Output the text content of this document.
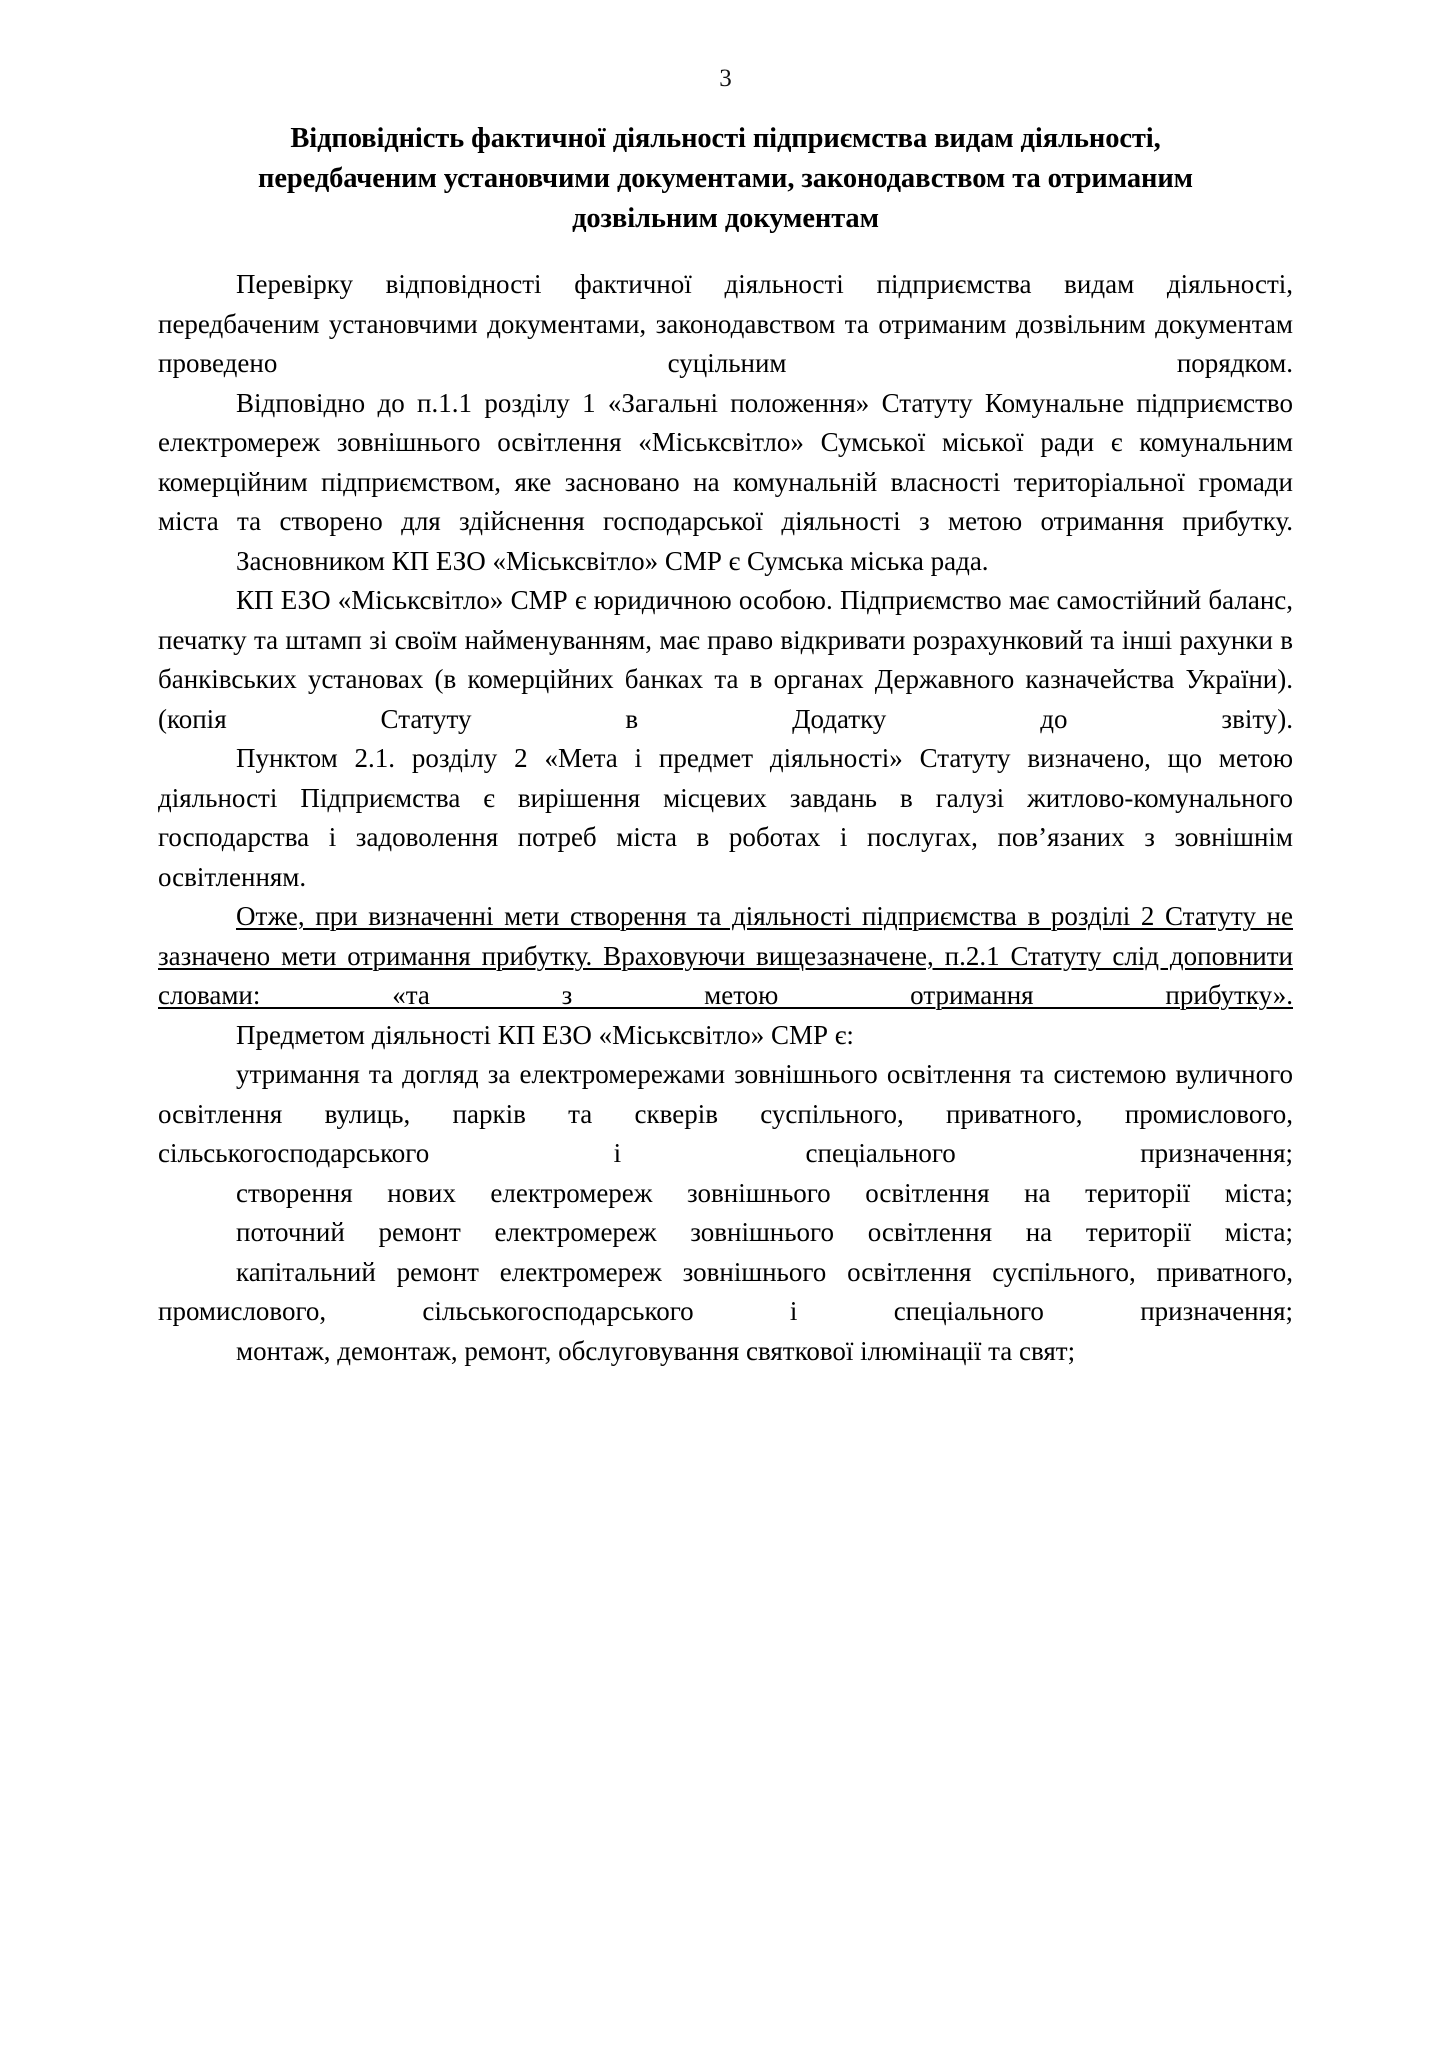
3
Відповідність фактичної діяльності підприємства видам діяльності,
передбаченим установчими документами, законодавством та отриманим
дозвільним документам

Перевірку відповідності фактичної діяльності підприємства видам діяльності, передбаченим установчими документами, законодавством та отриманим дозвільним документам проведено суцільним порядком.

Відповідно до п.1.1 розділу 1 «Загальні положення» Статуту Комунальне підприємство електромереж зовнішнього освітлення «Міськсвітло» Сумської міської ради є комунальним комерційним підприємством, яке засновано на комунальній власності територіальної громади міста та створено для здійснення господарської діяльності з метою отримання прибутку.

Засновником КП ЕЗО «Міськсвітло» СМР є Сумська міська рада.

КП ЕЗО «Міськсвітло» СМР є юридичною особою. Підприємство має самостійний баланс, печатку та штамп зі своїм найменуванням, має право відкривати розрахунковий та інші рахунки в банківських установах (в комерційних банках та в органах Державного казначейства України). (копія Статуту в Додатку до звіту).

Пунктом 2.1. розділу 2 «Мета і предмет діяльності» Статуту визначено, що метою діяльності Підприємства є вирішення місцевих завдань в галузі житлово-комунального господарства і задоволення потреб міста в роботах і послугах, пов’язаних з зовнішнім освітленням.

Отже, при визначенні мети створення та діяльності підприємства в розділі 2 Статуту не зазначено мети отримання прибутку. Враховуючи вищезазначене, п.2.1 Статуту слід доповнити словами: «та з метою отримання прибутку».

Предметом діяльності КП ЕЗО «Міськсвітло» СМР є:

утримання та догляд за електромережами зовнішнього освітлення та системою вуличного освітлення вулиць, парків та скверів суспільного, приватного, промислового, сільськогосподарського і спеціального призначення;

створення нових електромереж зовнішнього освітлення на території міста;

поточний ремонт електромереж зовнішнього освітлення на території міста;

капітальний ремонт електромереж зовнішнього освітлення суспільного, приватного, промислового, сільськогосподарського і спеціального призначення;

монтаж, демонтаж, ремонт, обслуговування святкової ілюмінації та свят;
